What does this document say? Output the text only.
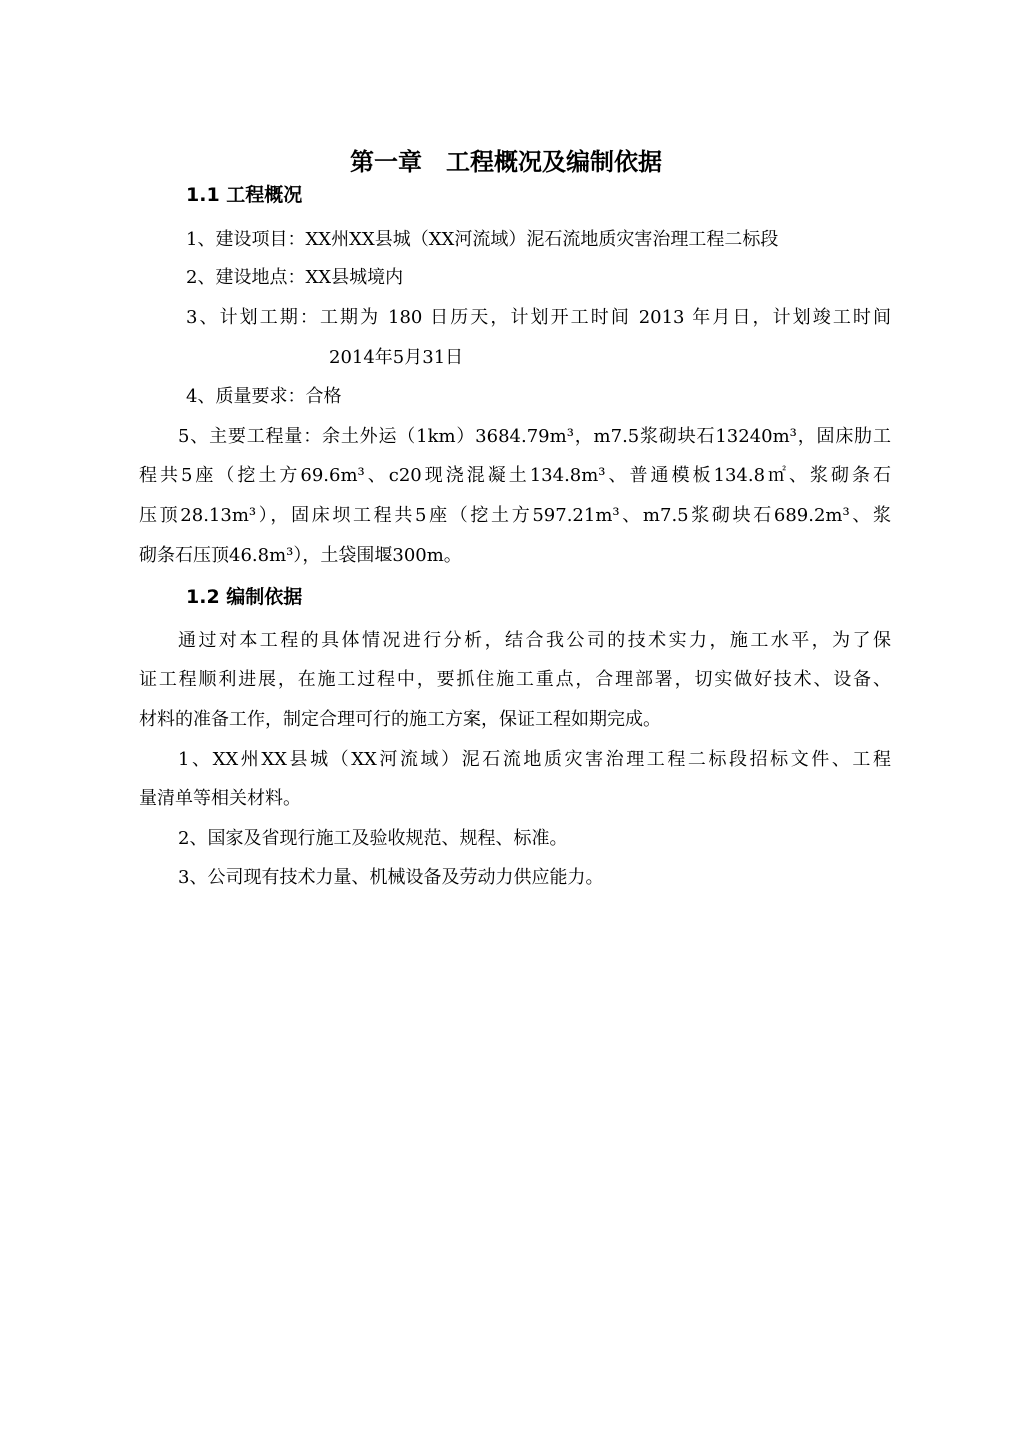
第一章　工程概况及编制依据
1.1 工程概况
1、建设项目：XX州XX县城（XX河流域）泥石流地质灾害治理工程二标段
2、建设地点：XX县城境内
3、计划工期：工期为 180 日历天，计划开工时间 2013 年月日，计划竣工时间
2014年5月31日
4、质量要求：合格
5、主要工程量：余土外运（1km）3684.79m³，m7.5浆砌块石13240m³，固床肋工
程共5座（挖土方69.6m³、c20现浇混凝土134.8m³、普通模板134.8㎡、浆砌条石
压顶28.13m³），固床坝工程共5座（挖土方597.21m³、m7.5浆砌块石689.2m³、浆
砌条石压顶46.8m³），土袋围堰300m。
1.2 编制依据
通过对本工程的具体情况进行分析，结合我公司的技术实力，施工水平，为了保
证工程顺利进展，在施工过程中，要抓住施工重点，合理部署，切实做好技术、设备、
材料的准备工作，制定合理可行的施工方案，保证工程如期完成。
1、XX州XX县城（XX河流域）泥石流地质灾害治理工程二标段招标文件、工程
量清单等相关材料。
2、国家及省现行施工及验收规范、规程、标准。
3、公司现有技术力量、机械设备及劳动力供应能力。
